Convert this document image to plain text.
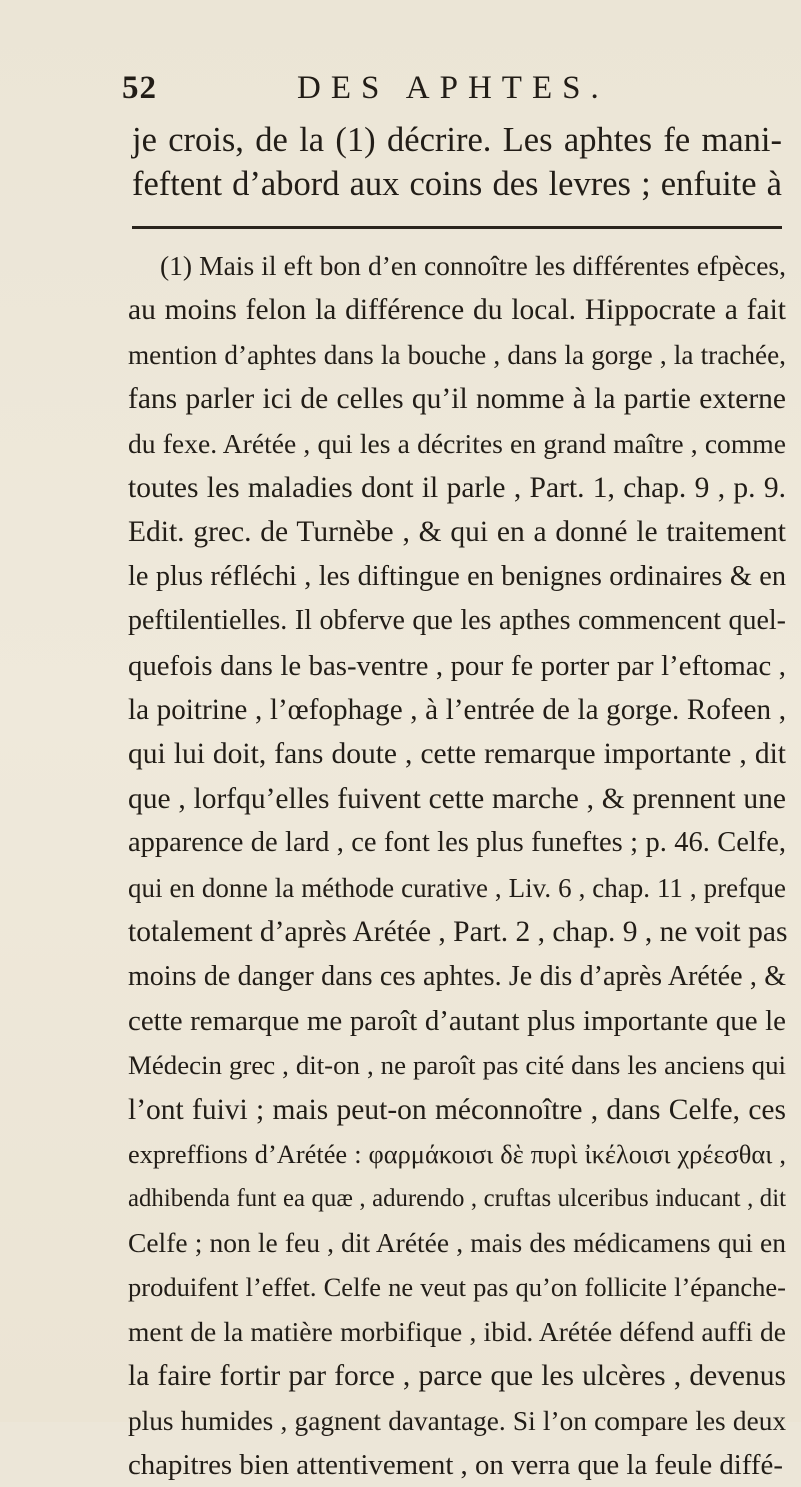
52	DES APHTES.
je crois, de la (1) décrire. Les aphtes fe mani-
feftent d’abord aux coins des levres ; enfuite à
(1) Mais il eft bon d’en connoître les différentes efpèces,
au moins felon la différence du local. Hippocrate a fait
mention d’aphtes dans la bouche , dans la gorge , la trachée,
fans parler ici de celles qu’il nomme à la partie externe
du fexe. Arétée , qui les a décrites en grand maître , comme
toutes les maladies dont il parle , Part. 1, chap. 9 , p. 9.
Edit. grec. de Turnèbe , & qui en a donné le traitement
le plus réfléchi , les diftingue en benignes ordinaires & en
peftilentielles. Il obferve que les apthes commencent quel-
quefois dans le bas-ventre , pour fe porter par l’eftomac ,
la poitrine , l’œfophage , à l’entrée de la gorge. Rofeen ,
qui lui doit, fans doute , cette remarque importante , dit
que , lorfqu’elles fuivent cette marche , & prennent une
apparence de lard , ce font les plus funeftes ; p. 46. Celfe,
qui en donne la méthode curative , Liv. 6 , chap. 11 , prefque
totalement d’après Arétée , Part. 2 , chap. 9 , ne voit pas
moins de danger dans ces aphtes. Je dis d’après Arétée , &
cette remarque me paroît d’autant plus importante que le
Médecin grec , dit-on , ne paroît pas cité dans les anciens qui
l’ont fuivi ; mais peut-on méconnoître , dans Celfe, ces
expreffions d’Arétée : φαρμάκοισι δὲ πυρὶ ἰκέλοισι χρέεσθαι ,
adhibenda funt ea quæ , adurendo , cruftas ulceribus inducant , dit
Celfe ; non le feu , dit Arétée , mais des médicamens qui en
produifent l’effet. Celfe ne veut pas qu’on follicite l’épanche-
ment de la matière morbifique , ibid. Arétée défend auffi de
la faire fortir par force , parce que les ulcères , devenus
plus humides , gagnent davantage. Si l’on compare les deux
chapitres bien attentivement , on verra que la feule diffé-
